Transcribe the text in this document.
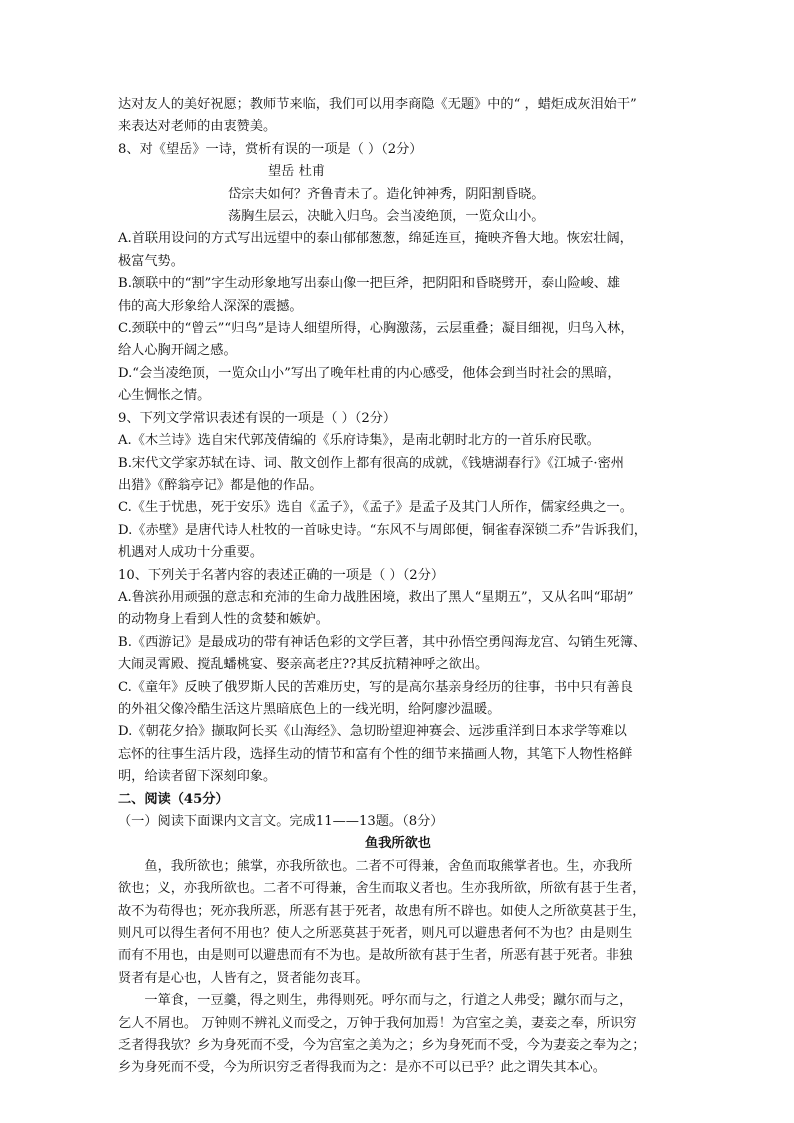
达对友人的美好祝愿；教师节来临，我们可以用李商隐《无题》中的“ ，蜡炬成灰泪始干”

来表达对老师的由衷赞美。

8、对《望岳》一诗，赏析有误的一项是（ ）（2分）

望岳 杜甫

岱宗夫如何？齐鲁青未了。造化钟神秀，阴阳割昏晓。

荡胸生层云，决眦入归鸟。会当凌绝顶，一览众山小。

A.首联用设问的方式写出远望中的泰山郁郁葱葱，绵延连亘，掩映齐鲁大地。恢宏壮阔，

极富气势。

B.颔联中的“割”字生动形象地写出泰山像一把巨斧，把阴阳和昏晓劈开，泰山险峻、雄

伟的高大形象给人深深的震撼。

C.颈联中的“曾云”“归鸟”是诗人细望所得，心胸激荡，云层重叠；凝目细视，归鸟入林，

给人心胸开阔之感。

D.“会当凌绝顶，一览众山小”写出了晚年杜甫的内心感受，他体会到当时社会的黑暗，

心生惆怅之情。

9、下列文学常识表述有误的一项是（ ）（2分）

A.《木兰诗》选自宋代郭茂倩编的《乐府诗集》，是南北朝时北方的一首乐府民歌。

B.宋代文学家苏轼在诗、词、散文创作上都有很高的成就，《钱塘湖春行》《江城子·密州

出猎》《醉翁亭记》都是他的作品。

C.《生于忧患，死于安乐》选自《孟子》，《孟子》是孟子及其门人所作，儒家经典之一。

D.《赤壁》是唐代诗人杜牧的一首咏史诗。“东风不与周郎便，铜雀春深锁二乔”告诉我们，

机遇对人成功十分重要。

10、下列关于名著内容的表述正确的一项是（ ）（2分）

A.鲁滨孙用顽强的意志和充沛的生命力战胜困境，救出了黑人“星期五”，又从名叫“耶胡”

的动物身上看到人性的贪婪和嫉妒。

B.《西游记》是最成功的带有神话色彩的文学巨著，其中孙悟空勇闯海龙宫、勾销生死簿、

大闹灵霄殿、搅乱蟠桃宴、娶亲高老庄??其反抗精神呼之欲出。

C.《童年》反映了俄罗斯人民的苦难历史，写的是高尔基亲身经历的往事，书中只有善良

的外祖父像冷酷生活这片黑暗底色上的一线光明，给阿廖沙温暖。

D.《朝花夕拾》撷取阿长买《山海经》、急切盼望迎神赛会、远涉重洋到日本求学等难以

忘怀的往事生活片段，选择生动的情节和富有个性的细节来描画人物，其笔下人物性格鲜

明，给读者留下深刻印象。

二、阅读（45分）

（一）阅读下面课内文言文。完成11——13题。（8分）

鱼我所欲也

鱼，我所欲也；熊掌，亦我所欲也。二者不可得兼，舍鱼而取熊掌者也。生，亦我所

欲也；义，亦我所欲也。二者不可得兼，舍生而取义者也。生亦我所欲，所欲有甚于生者，

故不为苟得也；死亦我所恶，所恶有甚于死者，故患有所不辟也。如使人之所欲莫甚于生，

则凡可以得生者何不用也？使人之所恶莫甚于死者，则凡可以避患者何不为也？由是则生

而有不用也，由是则可以避患而有不为也。是故所欲有甚于生者，所恶有甚于死者。非独

贤者有是心也，人皆有之，贤者能勿丧耳。

一箪食，一豆羹，得之则生，弗得则死。呼尔而与之，行道之人弗受；蹴尔而与之，

乞人不屑也。 万钟则不辨礼义而受之，万钟于我何加焉！为宫室之美，妻妾之奉，所识穷

乏者得我欤？乡为身死而不受，今为宫室之美为之；乡为身死而不受，今为妻妾之奉为之；

乡为身死而不受，今为所识穷乏者得我而为之：是亦不可以已乎？此之谓失其本心。
